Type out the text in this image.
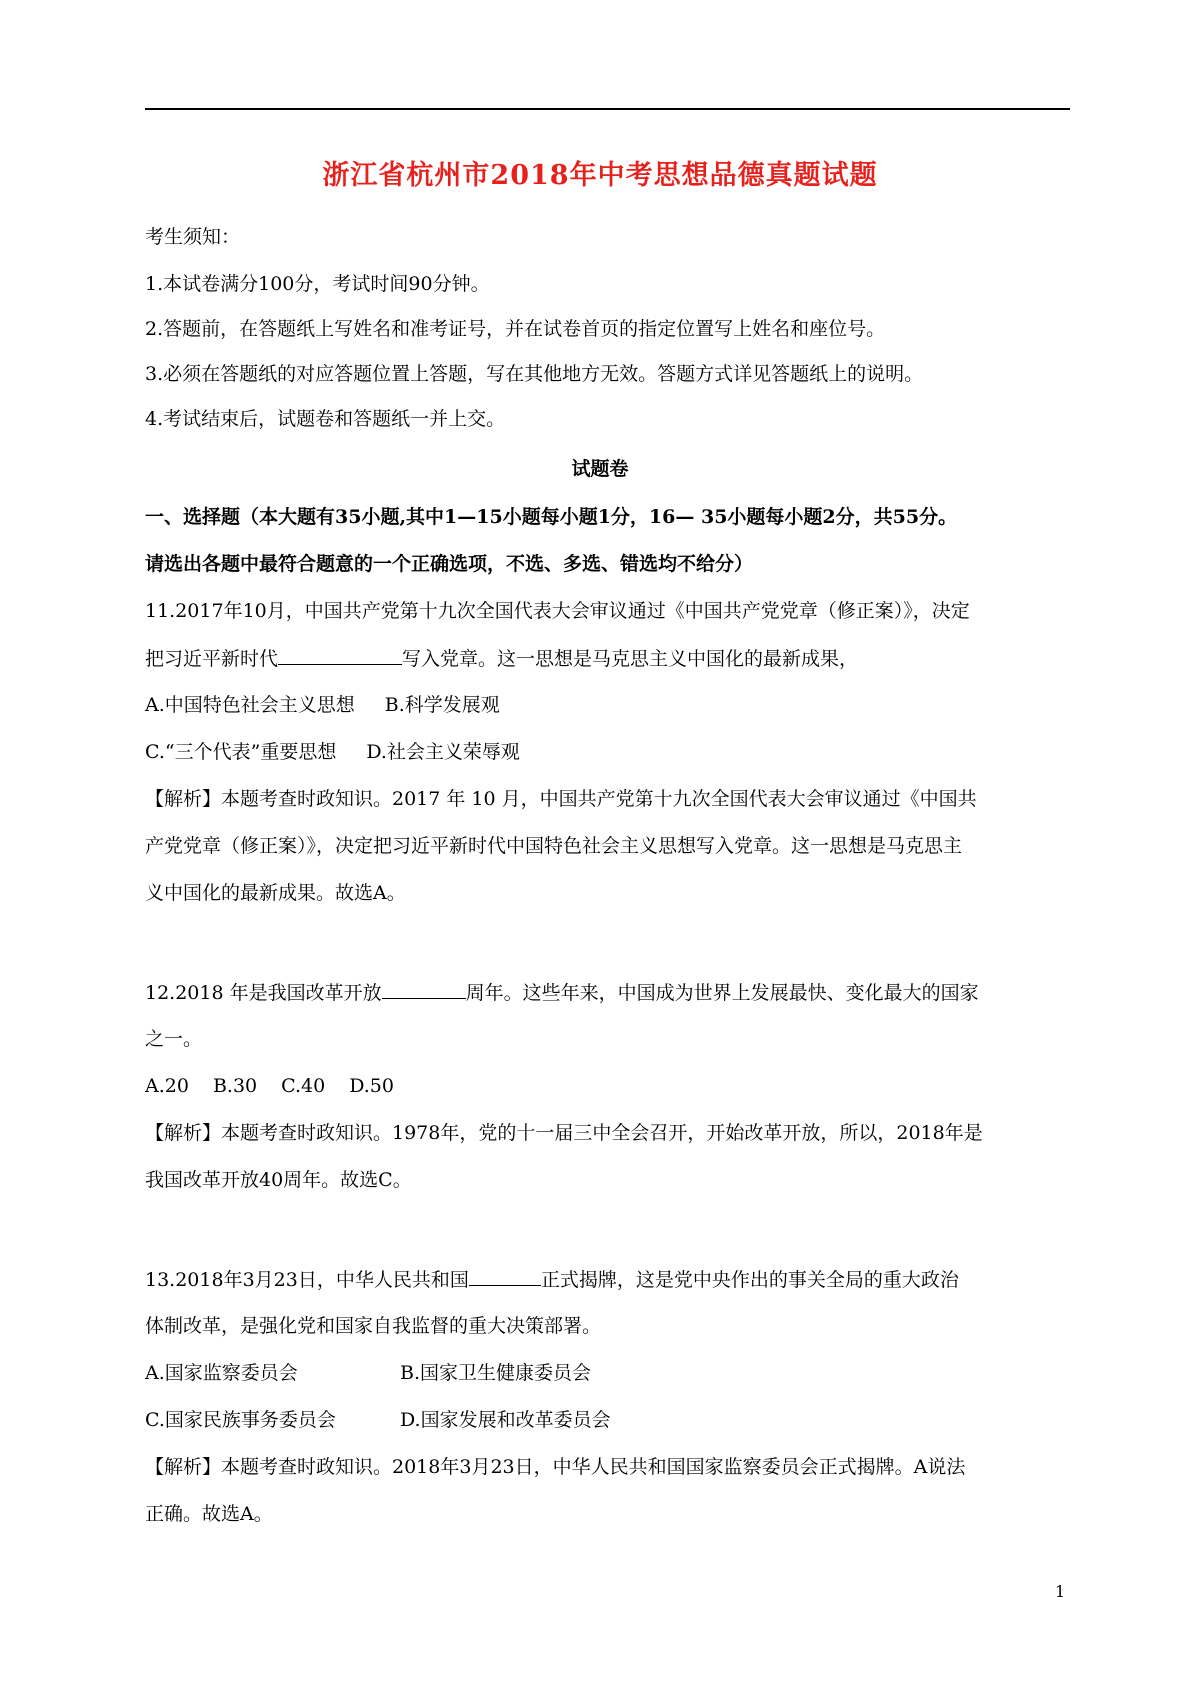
浙江省杭州市2018年中考思想品德真题试题
考生须知：
1.本试卷满分100分，考试时间90分钟。
2.答题前，在答题纸上写姓名和准考证号，并在试卷首页的指定位置写上姓名和座位号。
3.必须在答题纸的对应答题位置上答题，写在其他地方无效。答题方式详见答题纸上的说明。
4.考试结束后，试题卷和答题纸一并上交。
试题卷
一、选择题（本大题有35小题,其中1—15小题每小题1分，16— 35小题每小题2分，共55分。
请选出各题中最符合题意的一个正确选项，不选、多选、错选均不给分）
11.2017年10月，中国共产党第十九次全国代表大会审议通过《中国共产党党章（修正案）》，决定
把习近平新时代	写入党章。这一思想是马克思主义中国化的最新成果，
A.中国特色社会主义思想 B.科学发展观
C.“三个代表”重要思想 D.社会主义荣辱观
【解析】本题考查时政知识。2017 年 10 月，中国共产党第十九次全国代表大会审议通过《中国共
产党党章（修正案）》，决定把习近平新时代中国特色社会主义思想写入党章。这一思想是马克思主
义中国化的最新成果。故选A。
12.2018 年是我国改革开放	周年。这些年来，中国成为世界上发展最快、变化最大的国家
之一。
A.20 B.30 C.40 D.50
【解析】本题考查时政知识。1978年，党的十一届三中全会召开，开始改革开放，所以，2018年是
我国改革开放40周年。故选C。
13.2018年3月23日，中华人民共和国	正式揭牌，这是党中央作出的事关全局的重大政治
体制改革，是强化党和国家自我监督的重大决策部署。
A.国家监察委员会	B.国家卫生健康委员会
C.国家民族事务委员会	D.国家发展和改革委员会
【解析】本题考查时政知识。2018年3月23日，中华人民共和国国家监察委员会正式揭牌。A说法
正确。故选A。
1
